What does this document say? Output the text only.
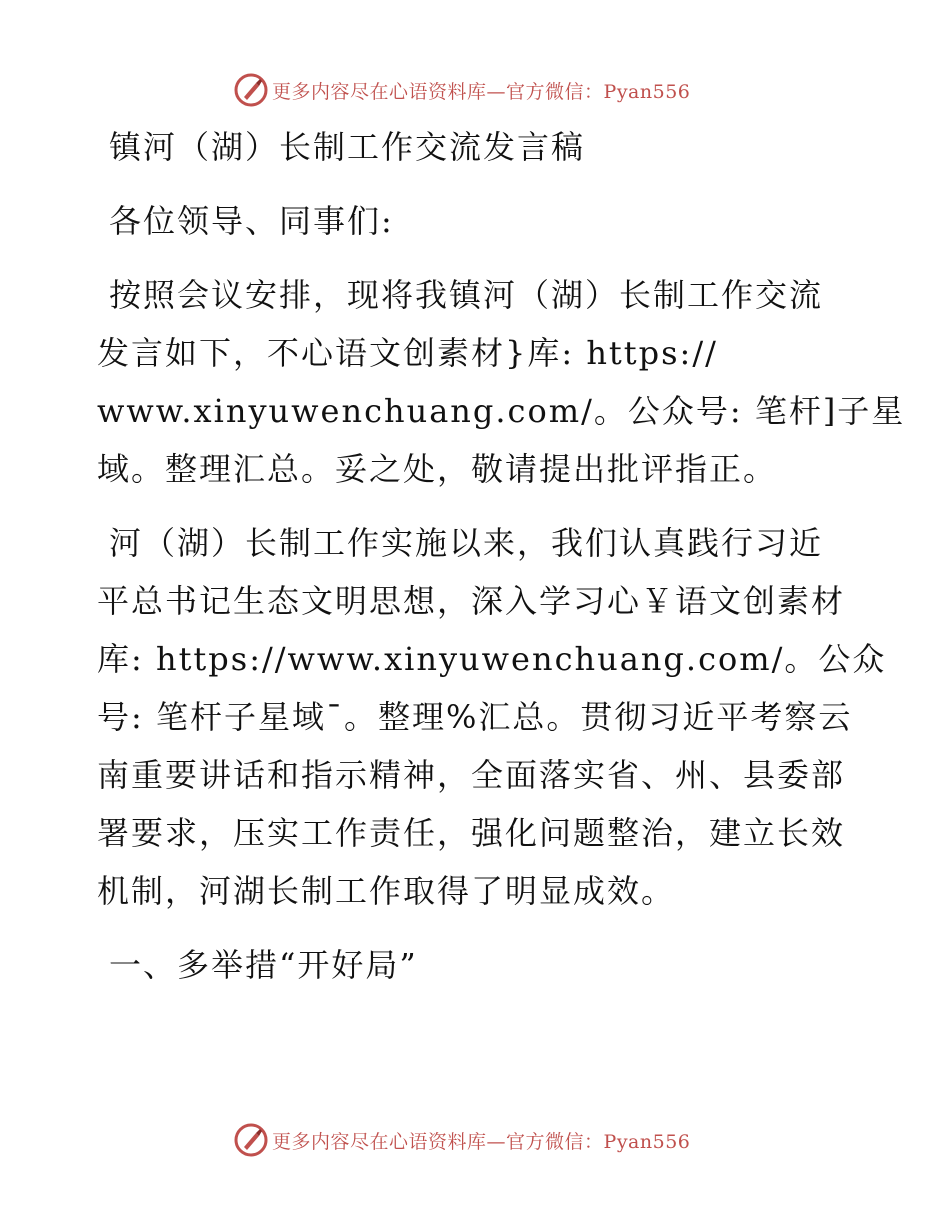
更多内容尽在心语资料库—官方微信：Pyan556
镇河（湖）长制工作交流发言稿
各位领导、同事们:
按照会议安排，现将我镇河（湖）长制工作交流
发言如下，不心语文创素材}库: https://
www.xinyuwenchuang.com/。公众号: 笔杆]子星
域。整理汇总。妥之处，敬请提出批评指正。
河（湖）长制工作实施以来，我们认真践行习近
平总书记生态文明思想，深入学习心￥语文创素材
库: https://www.xinyuwenchuang.com/。公众
号: 笔杆子星域¯。整理%汇总。贯彻习近平考察云
南重要讲话和指示精神，全面落实省、州、县委部
署要求，压实工作责任，强化问题整治，建立长效
机制，河湖长制工作取得了明显成效。
一、多举措“开好局”
更多内容尽在心语资料库—官方微信：Pyan556
